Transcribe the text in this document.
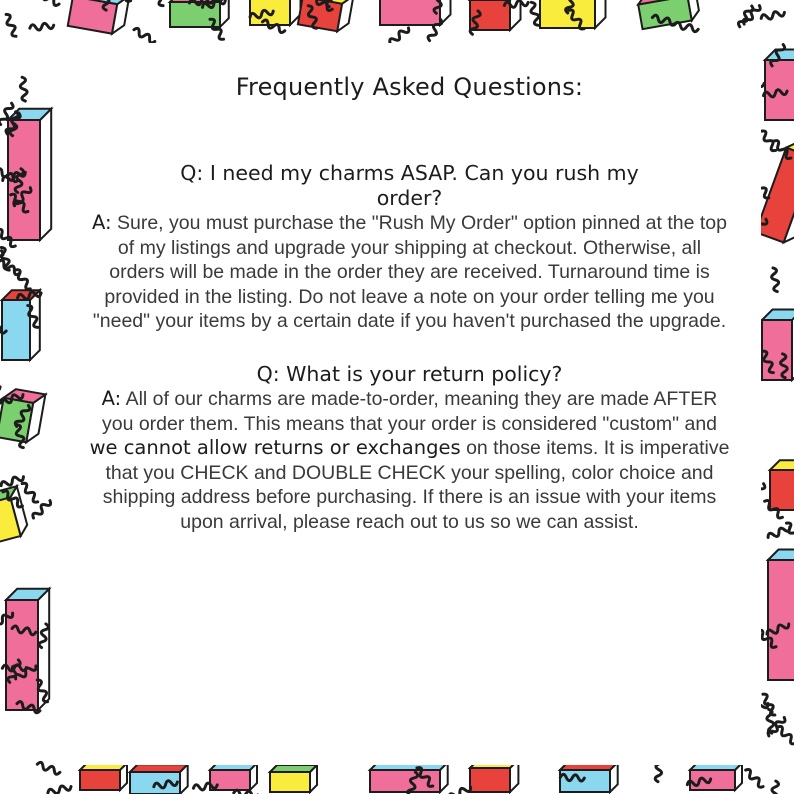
Frequently Asked Questions:
Q: I need my charms ASAP. Can you rush my order?
A: Sure, you must purchase the "Rush My Order" option pinned at the top of my listings and upgrade your shipping at checkout. Otherwise, all orders will be made in the order they are received. Turnaround time is provided in the listing. Do not leave a note on your order telling me you "need" your items by a certain date if you haven't purchased the upgrade.
Q: What is your return policy?
A: All of our charms are made-to-order, meaning they are made AFTER you order them. This means that your order is considered "custom" and we cannot allow returns or exchanges on those items. It is imperative that you CHECK and DOUBLE CHECK your spelling, color choice and shipping address before purchasing. If there is an issue with your items upon arrival, please reach out to us so we can assist.
